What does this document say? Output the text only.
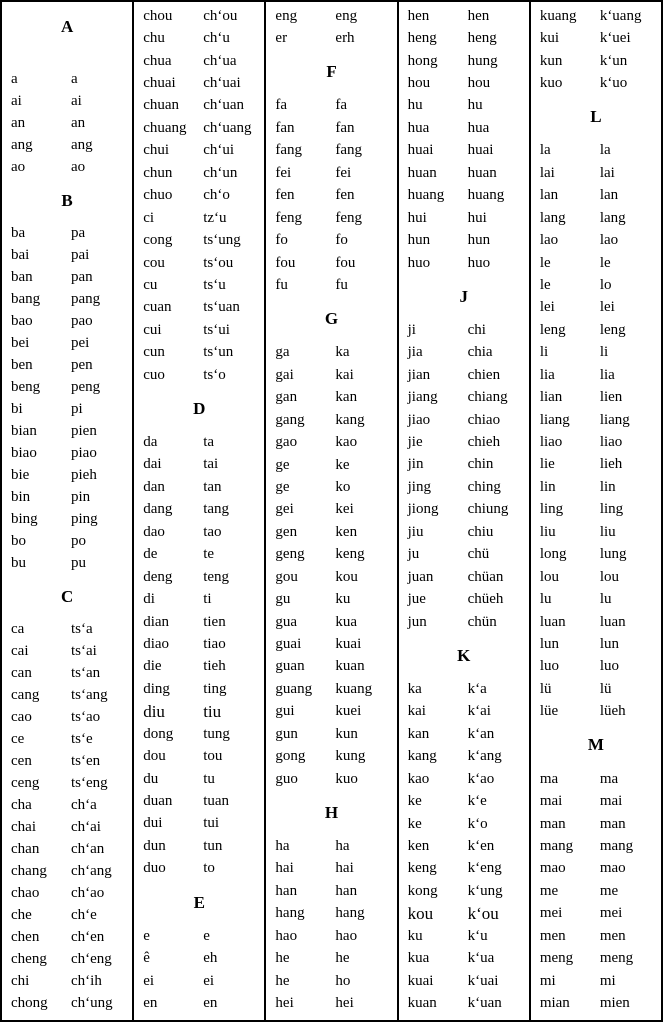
A
a	a
ai	ai
an	an
ang	ang
ao	ao
B
ba	pa
bai	pai
ban	pan
bang	pang
bao	pao
bei	pei
ben	pen
beng	peng
bi	pi
bian	pien
biao	piao
bie	pieh
bin	pin
bing	ping
bo	po
bu	pu
C
ca	ts‘a
cai	ts‘ai
can	ts‘an
cang	ts‘ang
cao	ts‘ao
ce	ts‘e
cen	ts‘en
ceng	ts‘eng
cha	ch‘a
chai	ch‘ai
chan	ch‘an
chang	ch‘ang
chao	ch‘ao
che	ch‘e
chen	ch‘en
cheng	ch‘eng
chi	ch‘ih
chong	ch‘ung
chou	ch‘ou
chu	ch‘u
chua	ch‘ua
chuai	ch‘uai
chuan	ch‘uan
chuang	ch‘uang
chui	ch‘ui
chun	ch‘un
chuo	ch‘o
ci	tz‘u
cong	ts‘ung
cou	ts‘ou
cu	ts‘u
cuan	ts‘uan
cui	ts‘ui
cun	ts‘un
cuo	ts‘o
D
da	ta
dai	tai
dan	tan
dang	tang
dao	tao
de	te
deng	teng
di	ti
dian	tien
diao	tiao
die	tieh
ding	ting
diu	tiu
dong	tung
dou	tou
du	tu
duan	tuan
dui	tui
dun	tun
duo	to
E
e	e
ê	eh
ei	ei
en	en
eng	eng
er	erh
F
fa	fa
fan	fan
fang	fang
fei	fei
fen	fen
feng	feng
fo	fo
fou	fou
fu	fu
G
ga	ka
gai	kai
gan	kan
gang	kang
gao	kao
ge	ke
ge	ko
gei	kei
gen	ken
geng	keng
gou	kou
gu	ku
gua	kua
guai	kuai
guan	kuan
guang	kuang
gui	kuei
gun	kun
gong	kung
guo	kuo
H
ha	ha
hai	hai
han	han
hang	hang
hao	hao
he	he
he	ho
hei	hei
hen	hen
heng	heng
hong	hung
hou	hou
hu	hu
hua	hua
huai	huai
huan	huan
huang	huang
hui	hui
hun	hun
huo	huo
J
ji	chi
jia	chia
jian	chien
jiang	chiang
jiao	chiao
jie	chieh
jin	chin
jing	ching
jiong	chiung
jiu	chiu
ju	chü
juan	chüan
jue	chüeh
jun	chün
K
ka	k‘a
kai	k‘ai
kan	k‘an
kang	k‘ang
kao	k‘ao
ke	k‘e
ke	k‘o
ken	k‘en
keng	k‘eng
kong	k‘ung
kou	k‘ou
ku	k‘u
kua	k‘ua
kuai	k‘uai
kuan	k‘uan
kuang	k‘uang
kui	k‘uei
kun	k‘un
kuo	k‘uo
L
la	la
lai	lai
lan	lan
lang	lang
lao	lao
le	le
le	lo
lei	lei
leng	leng
li	li
lia	lia
lian	lien
liang	liang
liao	liao
lie	lieh
lin	lin
ling	ling
liu	liu
long	lung
lou	lou
lu	lu
luan	luan
lun	lun
luo	luo
lü	lü
lüe	lüeh
M
ma	ma
mai	mai
man	man
mang	mang
mao	mao
me	me
mei	mei
men	men
meng	meng
mi	mi
mian	mien
